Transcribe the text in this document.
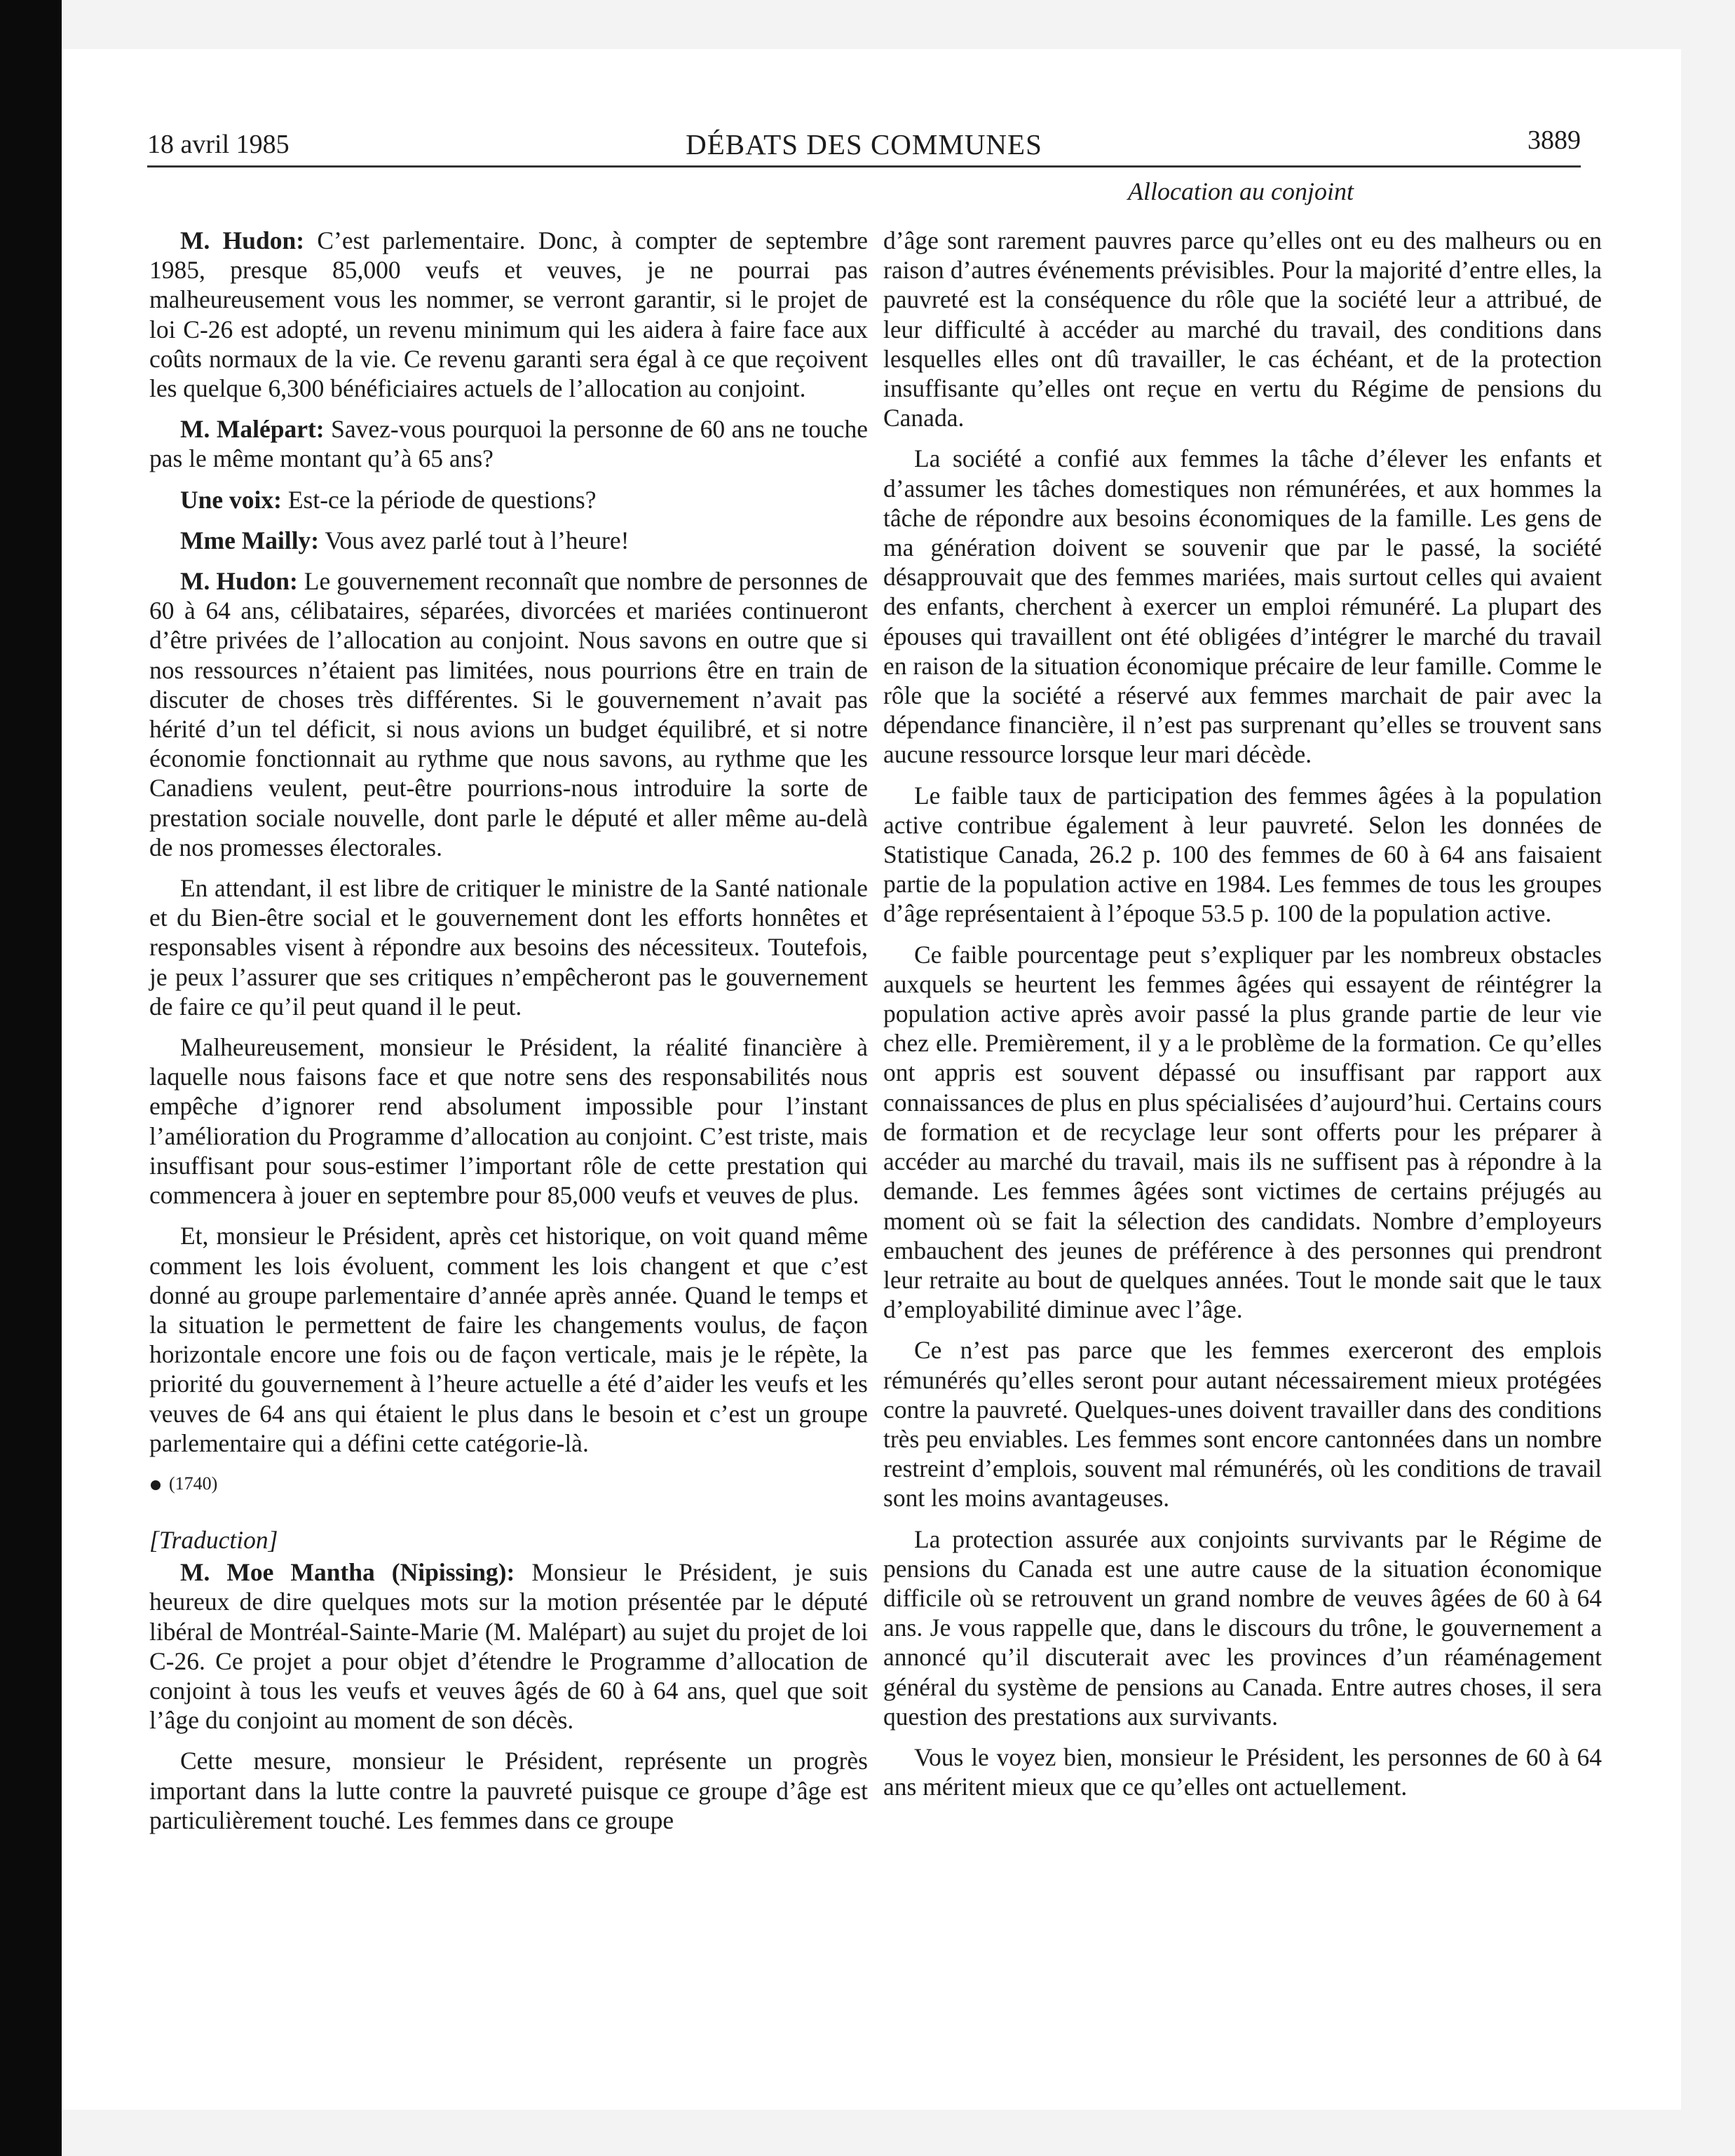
18 avril 1985	DÉBATS DES COMMUNES	3889
Allocation au conjoint

M. Hudon: C’est parlementaire. Donc, à compter de septembre 1985, presque 85,000 veufs et veuves, je ne pourrai pas malheureusement vous les nommer, se verront garantir, si le projet de loi C-26 est adopté, un revenu minimum qui les aidera à faire face aux coûts normaux de la vie. Ce revenu garanti sera égal à ce que reçoivent les quelque 6,300 bénéficiaires actuels de l’allocation au conjoint.

M. Malépart: Savez-vous pourquoi la personne de 60 ans ne touche pas le même montant qu’à 65 ans?

Une voix: Est-ce la période de questions?

Mme Mailly: Vous avez parlé tout à l’heure!

M. Hudon: Le gouvernement reconnaît que nombre de personnes de 60 à 64 ans, célibataires, séparées, divorcées et mariées continueront d’être privées de l’allocation au conjoint. Nous savons en outre que si nos ressources n’étaient pas limitées, nous pourrions être en train de discuter de choses très différentes. Si le gouvernement n’avait pas hérité d’un tel déficit, si nous avions un budget équilibré, et si notre économie fonctionnait au rythme que nous savons, au rythme que les Canadiens veulent, peut-être pourrions-nous introduire la sorte de prestation sociale nouvelle, dont parle le député et aller même au-delà de nos promesses électorales.

En attendant, il est libre de critiquer le ministre de la Santé nationale et du Bien-être social et le gouvernement dont les efforts honnêtes et responsables visent à répondre aux besoins des nécessiteux. Toutefois, je peux l’assurer que ses critiques n’empêcheront pas le gouvernement de faire ce qu’il peut quand il le peut.

Malheureusement, monsieur le Président, la réalité financière à laquelle nous faisons face et que notre sens des responsabilités nous empêche d’ignorer rend absolument impossible pour l’instant l’amélioration du Programme d’allocation au conjoint. C’est triste, mais insuffisant pour sous-estimer l’important rôle de cette prestation qui commencera à jouer en septembre pour 85,000 veufs et veuves de plus.

Et, monsieur le Président, après cet historique, on voit quand même comment les lois évoluent, comment les lois changent et que c’est donné au groupe parlementaire d’année après année. Quand le temps et la situation le permettent de faire les changements voulus, de façon horizontale encore une fois ou de façon verticale, mais je le répète, la priorité du gouvernement à l’heure actuelle a été d’aider les veufs et les veuves de 64 ans qui étaient le plus dans le besoin et c’est un groupe parlementaire qui a défini cette catégorie-là.

(1740)
[Traduction]

M. Moe Mantha (Nipissing): Monsieur le Président, je suis heureux de dire quelques mots sur la motion présentée par le député libéral de Montréal-Sainte-Marie (M. Malépart) au sujet du projet de loi C-26. Ce projet a pour objet d’étendre le Programme d’allocation de conjoint à tous les veufs et veuves âgés de 60 à 64 ans, quel que soit l’âge du conjoint au moment de son décès.

Cette mesure, monsieur le Président, représente un progrès important dans la lutte contre la pauvreté puisque ce groupe d’âge est particulièrement touché. Les femmes dans ce groupe

d’âge sont rarement pauvres parce qu’elles ont eu des malheurs ou en raison d’autres événements prévisibles. Pour la majorité d’entre elles, la pauvreté est la conséquence du rôle que la société leur a attribué, de leur difficulté à accéder au marché du travail, des conditions dans lesquelles elles ont dû travailler, le cas échéant, et de la protection insuffisante qu’elles ont reçue en vertu du Régime de pensions du Canada.

La société a confié aux femmes la tâche d’élever les enfants et d’assumer les tâches domestiques non rémunérées, et aux hommes la tâche de répondre aux besoins économiques de la famille. Les gens de ma génération doivent se souvenir que par le passé, la société désapprouvait que des femmes mariées, mais surtout celles qui avaient des enfants, cherchent à exercer un emploi rémunéré. La plupart des épouses qui travaillent ont été obligées d’intégrer le marché du travail en raison de la situation économique précaire de leur famille. Comme le rôle que la société a réservé aux femmes marchait de pair avec la dépendance financière, il n’est pas surprenant qu’elles se trouvent sans aucune ressource lorsque leur mari décède.

Le faible taux de participation des femmes âgées à la population active contribue également à leur pauvreté. Selon les données de Statistique Canada, 26.2 p. 100 des femmes de 60 à 64 ans faisaient partie de la population active en 1984. Les femmes de tous les groupes d’âge représentaient à l’époque 53.5 p. 100 de la population active.

Ce faible pourcentage peut s’expliquer par les nombreux obstacles auxquels se heurtent les femmes âgées qui essayent de réintégrer la population active après avoir passé la plus grande partie de leur vie chez elle. Premièrement, il y a le problème de la formation. Ce qu’elles ont appris est souvent dépassé ou insuffisant par rapport aux connaissances de plus en plus spécialisées d’aujourd’hui. Certains cours de formation et de recyclage leur sont offerts pour les préparer à accéder au marché du travail, mais ils ne suffisent pas à répondre à la demande. Les femmes âgées sont victimes de certains préjugés au moment où se fait la sélection des candidats. Nombre d’employeurs embauchent des jeunes de préférence à des personnes qui prendront leur retraite au bout de quelques années. Tout le monde sait que le taux d’employabilité diminue avec l’âge.

Ce n’est pas parce que les femmes exerceront des emplois rémunérés qu’elles seront pour autant nécessairement mieux protégées contre la pauvreté. Quelques-unes doivent travailler dans des conditions très peu enviables. Les femmes sont encore cantonnées dans un nombre restreint d’emplois, souvent mal rémunérés, où les conditions de travail sont les moins avantageuses.

La protection assurée aux conjoints survivants par le Régime de pensions du Canada est une autre cause de la situation économique difficile où se retrouvent un grand nombre de veuves âgées de 60 à 64 ans. Je vous rappelle que, dans le discours du trône, le gouvernement a annoncé qu’il discuterait avec les provinces d’un réaménagement général du système de pensions au Canada. Entre autres choses, il sera question des prestations aux survivants.

Vous le voyez bien, monsieur le Président, les personnes de 60 à 64 ans méritent mieux que ce qu’elles ont actuellement.
